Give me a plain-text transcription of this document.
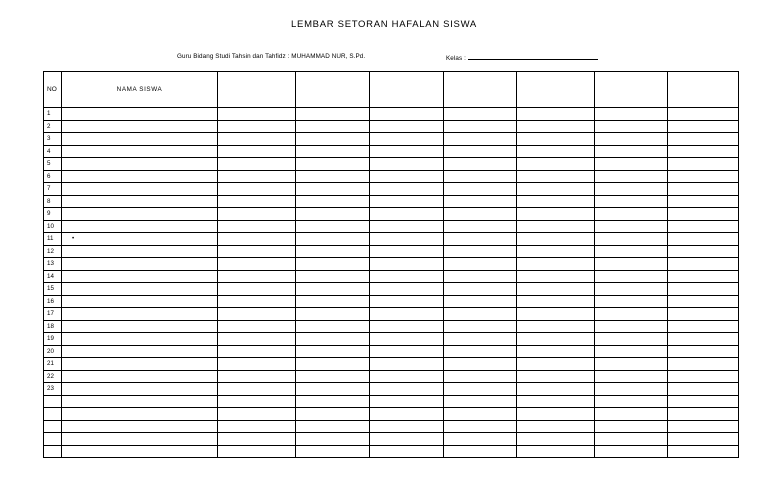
LEMBAR SETORAN HAFALAN SISWA
Guru Bidang Studi Tahsin dan Tahfidz : MUHAMMAD NUR, S.Pd.	Kelas :
NO	NAMA SISWA							
1								
2								
3								
4								
5								
6								
7								
8								
9								
10								
11	•							
12								
13								
14								
15								
16								
17								
18								
19								
20								
21								
22								
23								
